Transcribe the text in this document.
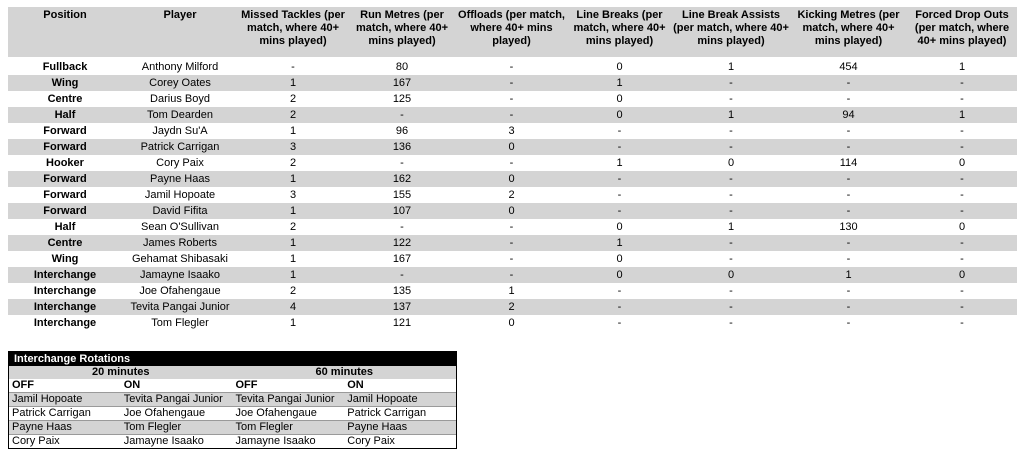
Position	Player	Missed Tackles (per match, where 40+ mins played)	Run Metres (per match, where 40+ mins played)	Offloads (per match, where 40+ mins played)	Line Breaks (per match, where 40+ mins played)	Line Break Assists (per match, where 40+ mins played)	Kicking Metres (per match, where 40+ mins played)	Forced Drop Outs (per match, where 40+ mins played)

Fullback	Anthony Milford	-	80	-	0	1	454	1
Wing	Corey Oates	1	167	-	1	-	-	-
Centre	Darius Boyd	2	125	-	0	-	-	-
Half	Tom Dearden	2	-	-	0	1	94	1
Forward	Jaydn Su'A	1	96	3	-	-	-	-
Forward	Patrick Carrigan	3	136	0	-	-	-	-
Hooker	Cory Paix	2	-	-	1	0	114	0
Forward	Payne Haas	1	162	0	-	-	-	-
Forward	Jamil Hopoate	3	155	2	-	-	-	-
Forward	David Fifita	1	107	0	-	-	-	-
Half	Sean O'Sullivan	2	-	-	0	1	130	0
Centre	James Roberts	1	122	-	1	-	-	-
Wing	Gehamat Shibasaki	1	167	-	0	-	-	-
Interchange	Jamayne Isaako	1	-	-	0	0	1	0
Interchange	Joe Ofahengaue	2	135	1	-	-	-	-
Interchange	Tevita Pangai Junior	4	137	2	-	-	-	-
Interchange	Tom Flegler	1	121	0	-	-	-	-
Interchange Rotations
20 minutes	60 minutes
OFF	ON	OFF	ON
Jamil Hopoate	Tevita Pangai Junior	Tevita Pangai Junior	Jamil Hopoate
Patrick Carrigan	Joe Ofahengaue	Joe Ofahengaue	Patrick Carrigan
Payne Haas	Tom Flegler	Tom Flegler	Payne Haas
Cory Paix	Jamayne Isaako	Jamayne Isaako	Cory Paix
